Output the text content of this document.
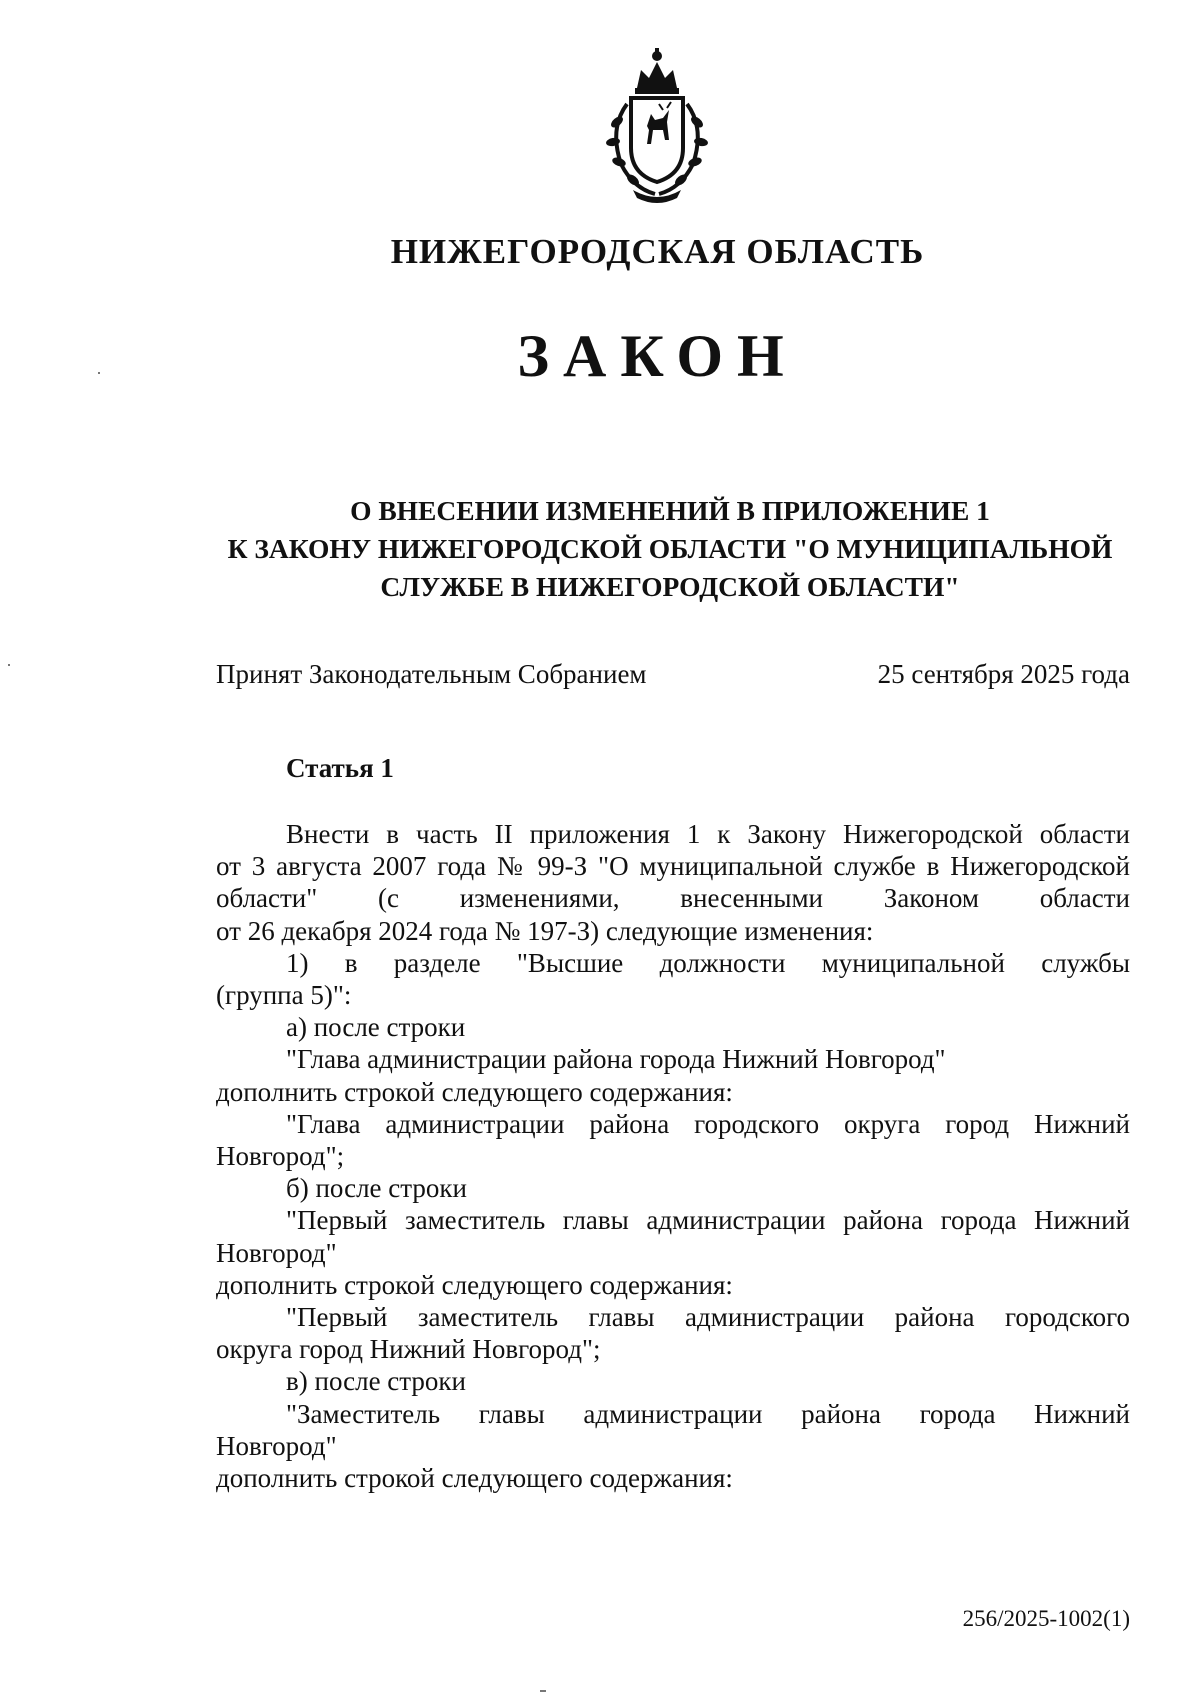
НИЖЕГОРОДСКАЯ ОБЛАСТЬ
ЗАКОН
О ВНЕСЕНИИ ИЗМЕНЕНИЙ В ПРИЛОЖЕНИЕ 1
К ЗАКОНУ НИЖЕГОРОДСКОЙ ОБЛАСТИ "О МУНИЦИПАЛЬНОЙ
СЛУЖБЕ В НИЖЕГОРОДСКОЙ ОБЛАСТИ"
Принят Законодательным Собранием	25 сентября 2025 года
Статья 1

Внести в часть II приложения 1 к Закону Нижегородской области

от 3 августа 2007 года № 99-З "О муниципальной службе в Нижегородской

области" (с изменениями, внесенными Законом области

от 26 декабря 2024 года № 197-З) следующие изменения:

1) в разделе "Высшие должности муниципальной службы

(группа 5)":

а) после строки

"Глава администрации района города Нижний Новгород"

дополнить строкой следующего содержания:

"Глава администрации района городского округа город Нижний

Новгород";

б) после строки

"Первый заместитель главы администрации района города Нижний

Новгород"

дополнить строкой следующего содержания:

"Первый заместитель главы администрации района городского

округа город Нижний Новгород";

в) после строки

"Заместитель главы администрации района города Нижний

Новгород"

дополнить строкой следующего содержания:

256/2025-1002(1)
